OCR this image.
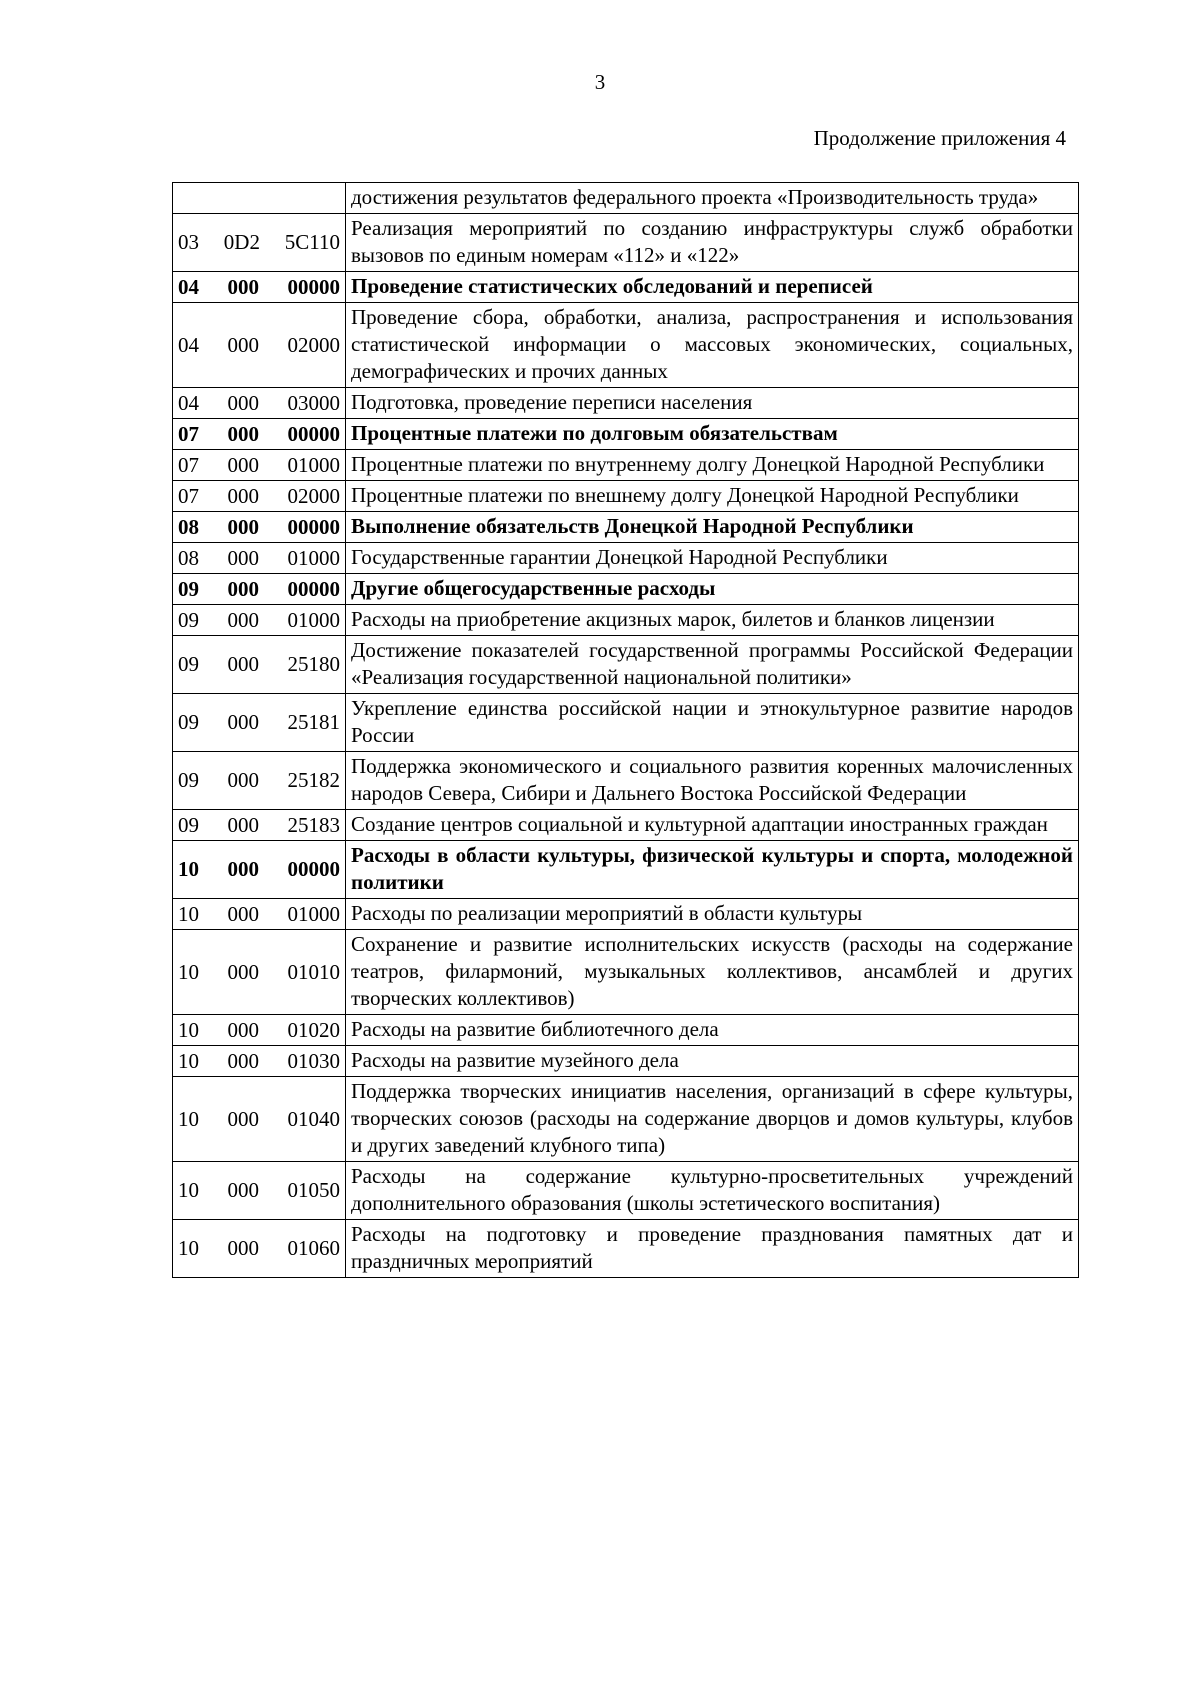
3
Продолжение приложения 4
	достижения результатов федерального проекта «Производительность труда»

03 0D2 5С110	Реализация мероприятий по созданию инфраструктуры служб обработки вызовов по единым номерам «112» и «122»

04 000 00000	Проведение статистических обследований и переписей

04 000 02000	Проведение сбора, обработки, анализа, распространения и использования статистической информации о массовых экономических, социальных, демографических и прочих данных

04 000 03000	Подготовка, проведение переписи населения

07 000 00000	Процентные платежи по долговым обязательствам

07 000 01000	Процентные платежи по внутреннему долгу Донецкой Народной Республики

07 000 02000	Процентные платежи по внешнему долгу Донецкой Народной Республики

08 000 00000	Выполнение обязательств Донецкой Народной Республики

08 000 01000	Государственные гарантии Донецкой Народной Республики

09 000 00000	Другие общегосударственные расходы

09 000 01000	Расходы на приобретение акцизных марок, билетов и бланков лицензии

09 000 25180	Достижение показателей государственной программы Российской Федерации «Реализация государственной национальной политики»

09 000 25181	Укрепление единства российской нации и этнокультурное развитие народов России

09 000 25182	Поддержка экономического и социального развития коренных малочисленных народов Севера, Сибири и Дальнего Востока Российской Федерации

09 000 25183	Создание центров социальной и культурной адаптации иностранных граждан

10 000 00000	Расходы в области культуры, физической культуры и спорта, молодежной политики

10 000 01000	Расходы по реализации мероприятий в области культуры

10 000 01010	Сохранение и развитие исполнительских искусств (расходы на содержание театров, филармоний, музыкальных коллективов, ансамблей и других творческих коллективов)

10 000 01020	Расходы на развитие библиотечного дела

10 000 01030	Расходы на развитие музейного дела

10 000 01040	Поддержка творческих инициатив населения, организаций в сфере культуры, творческих союзов (расходы на содержание дворцов и домов культуры, клубов и других заведений клубного типа)

10 000 01050	Расходы на содержание культурно-просветительных учреждений дополнительного образования (школы эстетического воспитания)

10 000 01060	Расходы на подготовку и проведение празднования памятных дат и праздничных мероприятий
